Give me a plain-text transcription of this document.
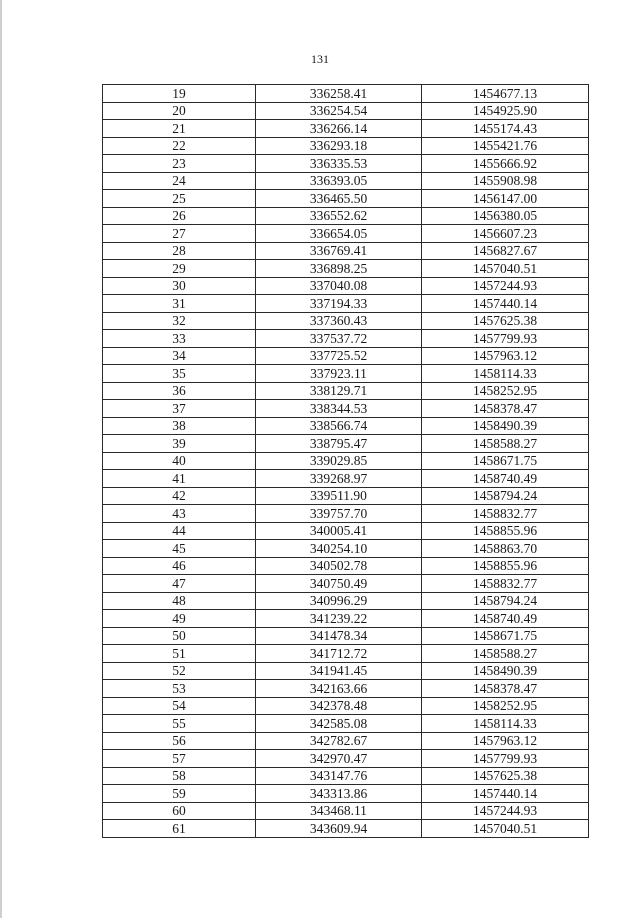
131
19	336258.41	1454677.13
20	336254.54	1454925.90
21	336266.14	1455174.43
22	336293.18	1455421.76
23	336335.53	1455666.92
24	336393.05	1455908.98
25	336465.50	1456147.00
26	336552.62	1456380.05
27	336654.05	1456607.23
28	336769.41	1456827.67
29	336898.25	1457040.51
30	337040.08	1457244.93
31	337194.33	1457440.14
32	337360.43	1457625.38
33	337537.72	1457799.93
34	337725.52	1457963.12
35	337923.11	1458114.33
36	338129.71	1458252.95
37	338344.53	1458378.47
38	338566.74	1458490.39
39	338795.47	1458588.27
40	339029.85	1458671.75
41	339268.97	1458740.49
42	339511.90	1458794.24
43	339757.70	1458832.77
44	340005.41	1458855.96
45	340254.10	1458863.70
46	340502.78	1458855.96
47	340750.49	1458832.77
48	340996.29	1458794.24
49	341239.22	1458740.49
50	341478.34	1458671.75
51	341712.72	1458588.27
52	341941.45	1458490.39
53	342163.66	1458378.47
54	342378.48	1458252.95
55	342585.08	1458114.33
56	342782.67	1457963.12
57	342970.47	1457799.93
58	343147.76	1457625.38
59	343313.86	1457440.14
60	343468.11	1457244.93
61	343609.94	1457040.51
